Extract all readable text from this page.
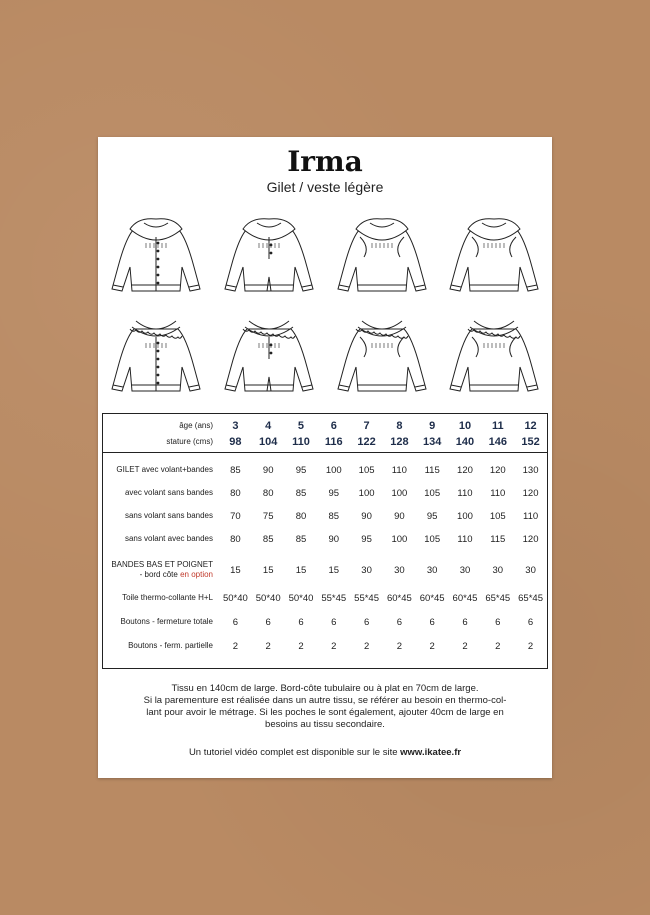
Irma
Gilet / veste légère
âge (ans)	3	4	5	6	7	8	9	10	11	12
stature (cms)	98	104	110	116	122	128	134	140	146	152
GILET avec volant+bandes	85	90	95	100	105	110	115	120	120	130
avec volant sans bandes	80	80	85	95	100	100	105	110	110	120
sans volant sans bandes	70	75	80	85	90	90	95	100	105	110
sans volant avec bandes	80	85	85	90	95	100	105	110	115	120
BANDES BAS ET POIGNET
- bord côte en option	15	15	15	15	30	30	30	30	30	30
Toile thermo-collante H+L	50*40 50*40 50*40 55*45 55*45 60*45 60*45 60*45 65*45 65*45
Boutons - fermeture totale	6	6	6	6	6	6	6	6	6	6
Boutons - ferm. partielle	2	2	2	2	2	2	2	2	2	2
Tissu en 140cm de large. Bord-côte tubulaire ou à plat en 70cm de large.
Si la parementure est réalisée dans un autre tissu, se référer au besoin en thermo-col-
lant pour avoir le métrage. Si les poches le sont également, ajouter 40cm de large en
besoins au tissu secondaire.
Un tutoriel vidéo complet est disponible sur le site www.ikatee.fr
